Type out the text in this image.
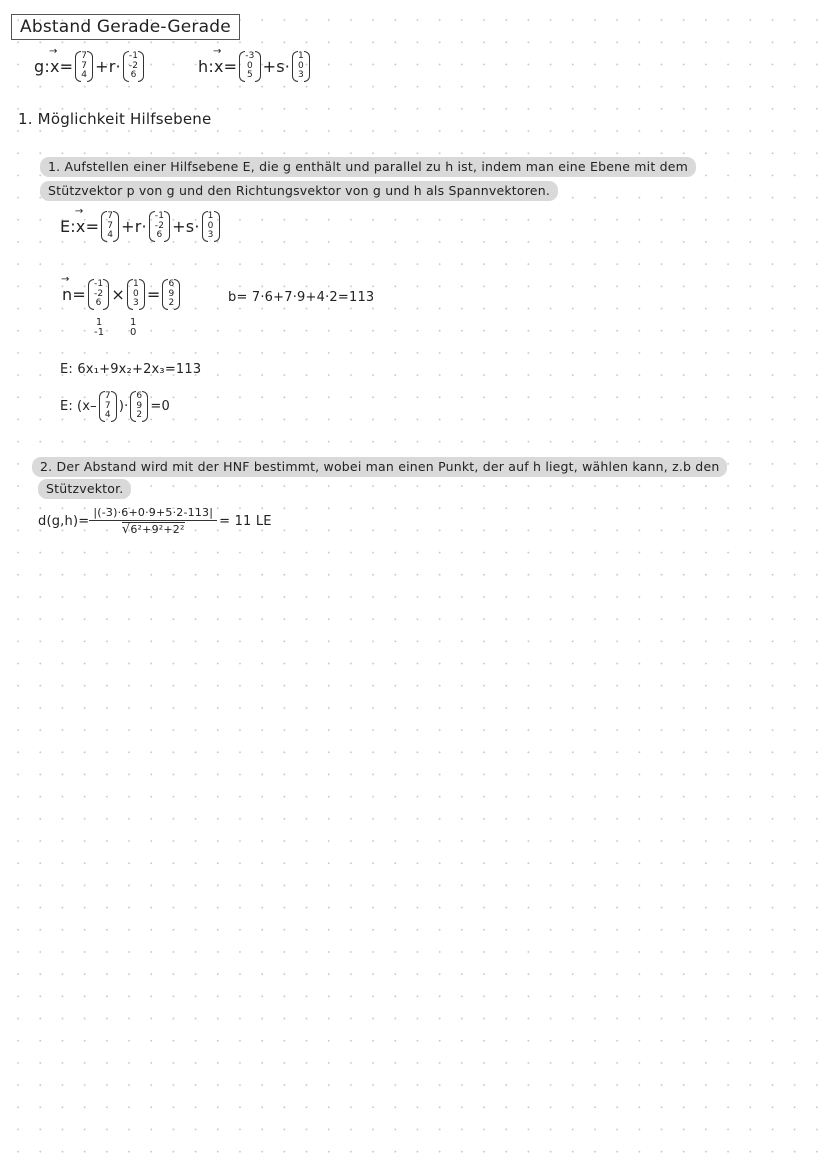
Abstand Gerade-Gerade
g: → x =
7
7
4 +r·
-1
-2
6	h: → x =
-3
0
5 +s·
1
0
3
1. Möglichkeit Hilfsebene
1. Aufstellen einer Hilfsebene E, die g enthält und parallel zu h ist, indem man eine Ebene mit dem
Stützvektor p von g und den Richtungsvektor von g und h als Spannvektoren.
E: → x =
7
7
4 +r·
-1
-2
6 +s·
1
0
3
→ n =
-1
-2
6 ×
1
0
3 =
6
9
2
1
-1
1
0
b= 7·6+7·9+4·2=113
E: 6x₁+9x₂+2x₃=113
E: (x–
7
7
4
)·
6
9
2
=0
2. Der Abstand wird mit der HNF bestimmt, wobei man einen Punkt, der auf h liegt, wählen kann, z.b den
Stützvektor.
d(g,h)= |(-3)·6+0·9+5·2-113|
√ 6²+9²+2² = 11 LE
